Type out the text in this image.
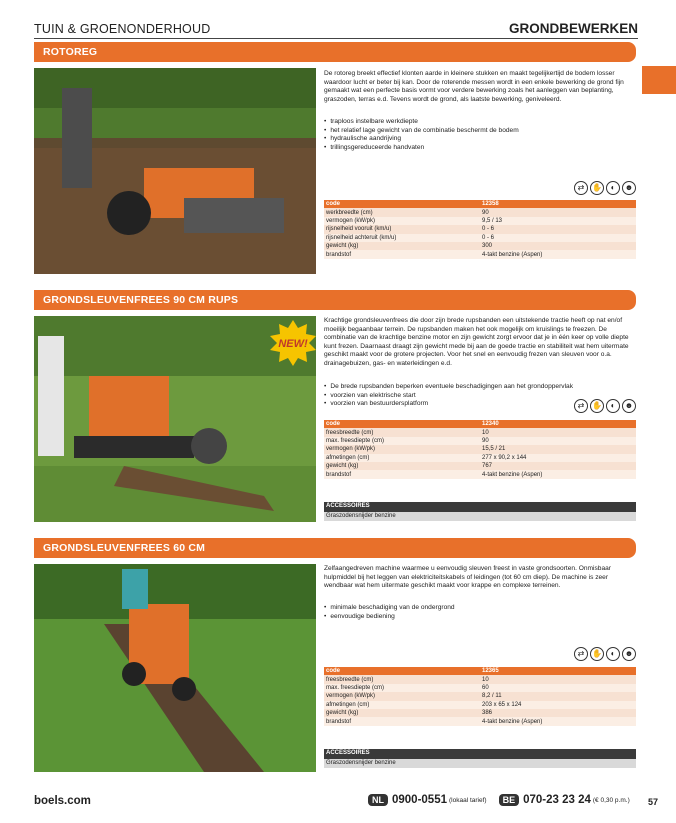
TUIN & GROENONDERHOUD	GRONDBEWERKEN
ROTOREG
De rotoreg breekt effectief klonten aarde in kleinere stukken en maakt tegelijkertijd de bodem losser waardoor lucht er beter bij kan. Door de roterende messen wordt in een enkele bewerking de grond fijn gemaakt wat een perfecte basis vormt voor verdere bewerking zoals het aanleggen van beplanting, graszoden, terras e.d. Tevens wordt de grond, als laatste bewerking, geniveleerd.
• traploos instelbare werkdiepte
• het relatief lage gewicht van de combinatie beschermt de bodem
• hydraulische aandrijving
• trillingsgereduceerde handvaten
⇄ ✋	◐	☻
code	12358
werkbreedte (cm)	90
vermogen (kW/pk)	9,5 / 13
rijsnelheid vooruit (km/u)	0 - 6
rijsnelheid achteruit (km/u)	0 - 6
gewicht (kg)	300
brandstof	4-takt benzine (Aspen)
GRONDSLEUVENFREES 90 CM RUPS
NEW!
Krachtige grondsleuvenfrees die door zijn brede rupsbanden een uitstekende tractie heeft op nat en/of moeilijk begaanbaar terrein. De rupsbanden maken het ook mogelijk om kruislings te freezen. De combinatie van de krachtige benzine motor en zijn gewicht zorgt ervoor dat je in één keer op volle diepte kunt frezen. Daarnaast draagt zijn gewicht mede bij aan de goede tractie en stabiliteit wat hem uitermate geschikt maakt voor de grotere projecten. Voor het snel en eenvoudig frezen van sleuven voor o.a. drainagebuizen, gas- en waterleidingen e.d.
• De brede rupsbanden beperken eventuele beschadigingen aan het grondoppervlak
• voorzien van elektrische start
• voorzien van bestuurdersplatform	⇄ ✋	◐	☻
code	12340
freesbreedte (cm)	10
max. freesdiepte (cm)	90
vermogen (kW/pk)	15,5 / 21
afmetingen (cm)	277 x 90,2 x 144
gewicht (kg)	767
brandstof	4-takt benzine (Aspen)
ACCESSOIRES
Graszodensnijder benzine
GRONDSLEUVENFREES 60 CM
Zelfaangedreven machine waarmee u eenvoudig sleuven freest in vaste grondsoorten. Onmisbaar hulpmiddel bij het leggen van elektriciteitskabels of leidingen (tot 60 cm diep). De machine is zeer wendbaar wat hem uitermate geschikt maakt voor krappe en complexe terreinen.
• minimale beschadiging van de ondergrond
• eenvoudige bediening
⇄ ✋	◐	☻
code	12365
freesbreedte (cm)	10
max. freesdiepte (cm)	60
vermogen (kW/pk)	8,2 / 11
afmetingen (cm)	203 x 65 x 124
gewicht (kg)	386
brandstof	4-takt benzine (Aspen)
ACCESSOIRES
Graszodensnijder benzine
boels.com	NL 0900-0551 (lokaal tarief)	BE 070-23 23 24 (€ 0,30 p.m.) 57
